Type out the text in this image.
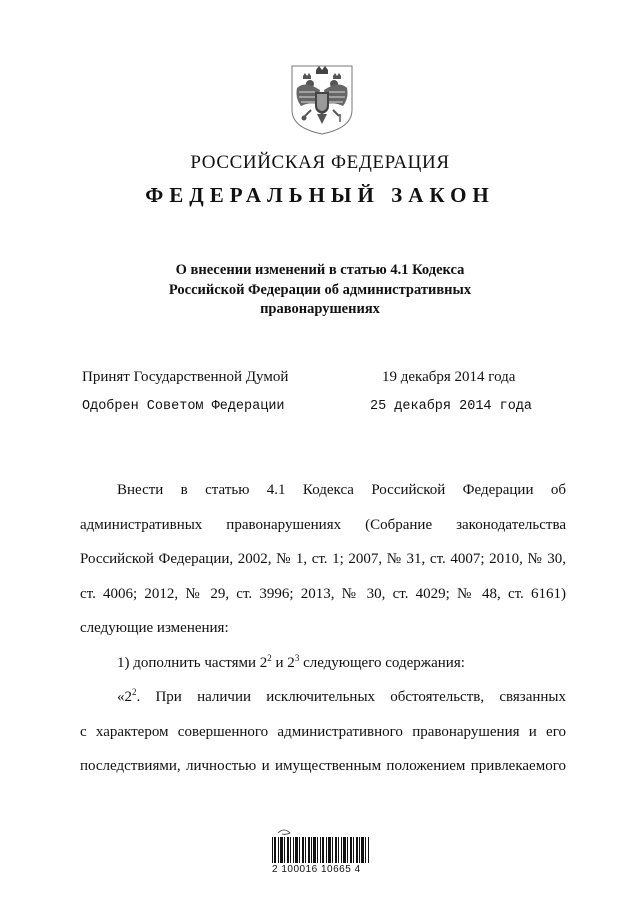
РОССИЙСКАЯ ФЕДЕРАЦИЯ
ФЕДЕРАЛЬНЫЙ ЗАКОН
О внесении изменений в статью 4.1 Кодекса
Российской Федерации об административных
правонарушениях
Принят Государственной Думой	19 декабря 2014 года
Одобрен Советом Федерации	25 декабря 2014 года
Внести в статью 4.1 Кодекса Российской Федерации об
административных правонарушениях (Собрание законодательства
Российской Федерации, 2002, № 1, ст. 1; 2007, № 31, ст. 4007; 2010, № 30,
ст. 4006; 2012, № 29, ст. 3996; 2013, № 30, ст. 4029; № 48, ст. 6161)
следующие изменения:
1) дополнить частями $2^2$ и $2^3$ следующего содержания:
«$2^2$. При наличии исключительных обстоятельств, связанных
с характером совершенного административного правонарушения и его
последствиями, личностью и имущественным положением привлекаемого
2 100016 10665 4
